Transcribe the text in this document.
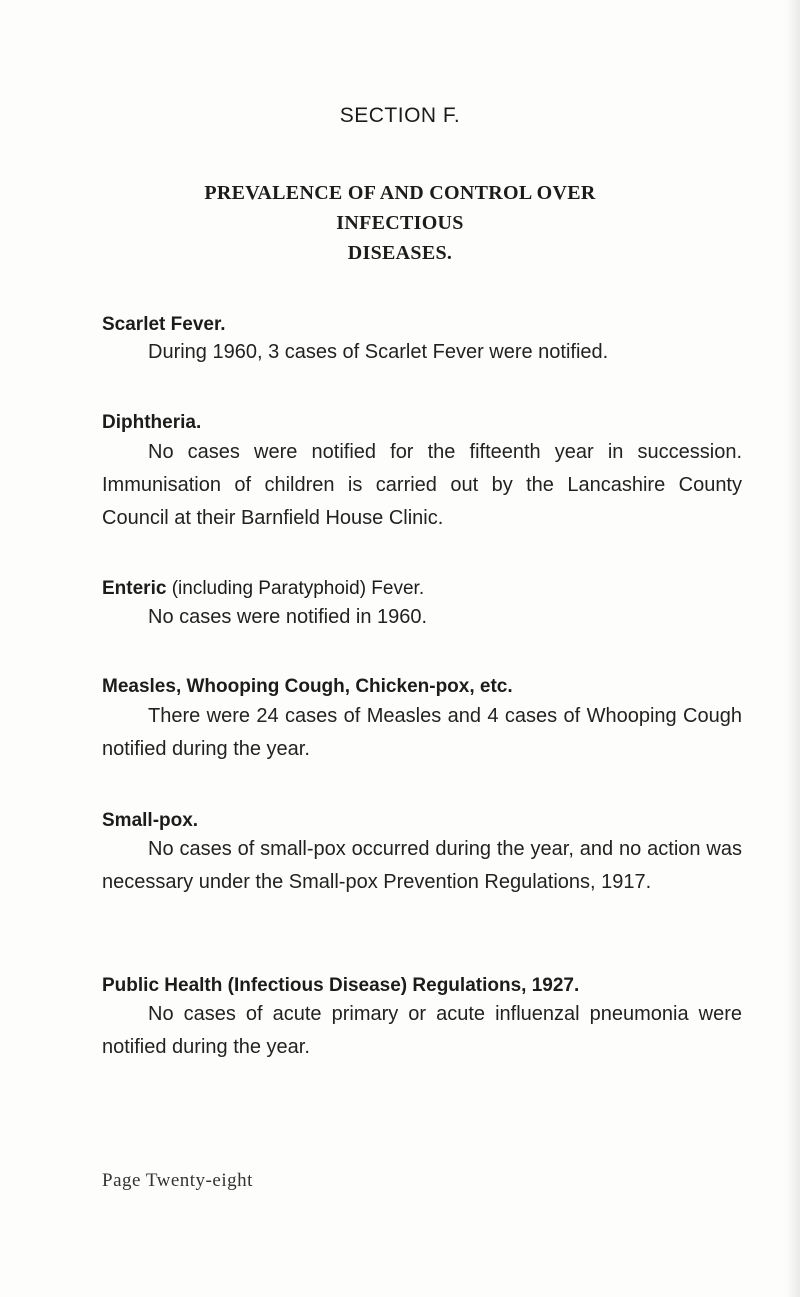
SECTION F.
PREVALENCE OF AND CONTROL OVER INFECTIOUS
DISEASES.
Scarlet Fever.
During 1960, 3 cases of Scarlet Fever were notified.
Diphtheria.
No cases were notified for the fifteenth year in succession. Immunisation of children is carried out by the Lancashire County Council at their Barnfield House Clinic.
Enteric (including Paratyphoid) Fever.
No cases were notified in 1960.
Measles, Whooping Cough, Chicken-pox, etc.
There were 24 cases of Measles and 4 cases of Whooping Cough notified during the year.
Small-pox.
No cases of small-pox occurred during the year, and no action was necessary under the Small-pox Prevention Regulations, 1917.
Public Health (Infectious Disease) Regulations, 1927.
No cases of acute primary or acute influenzal pneumonia were notified during the year.
Page Twenty-eight
